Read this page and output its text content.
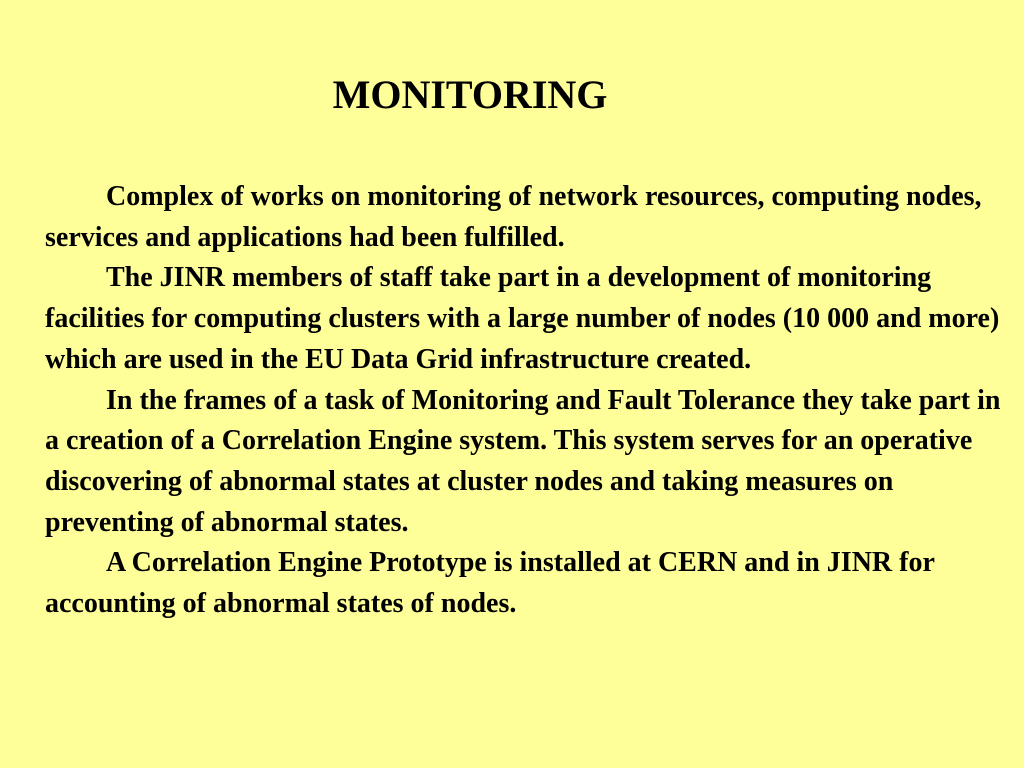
MONITORING

Complex of works on monitoring of network resources, computing nodes, services and applications had been fulfilled.

The JINR members of staff take part in a development of monitoring facilities for computing clusters with a large number of nodes (10 000 and more) which are used in the EU Data Grid infrastructure created.

In the frames of a task of Monitoring and Fault Tolerance they take part in a creation of a Correlation Engine system. This system serves for an operative discovering of abnormal states at cluster nodes and taking measures on preventing of abnormal states.

A Correlation Engine Prototype is installed at CERN and in JINR for accounting of abnormal states of nodes.
